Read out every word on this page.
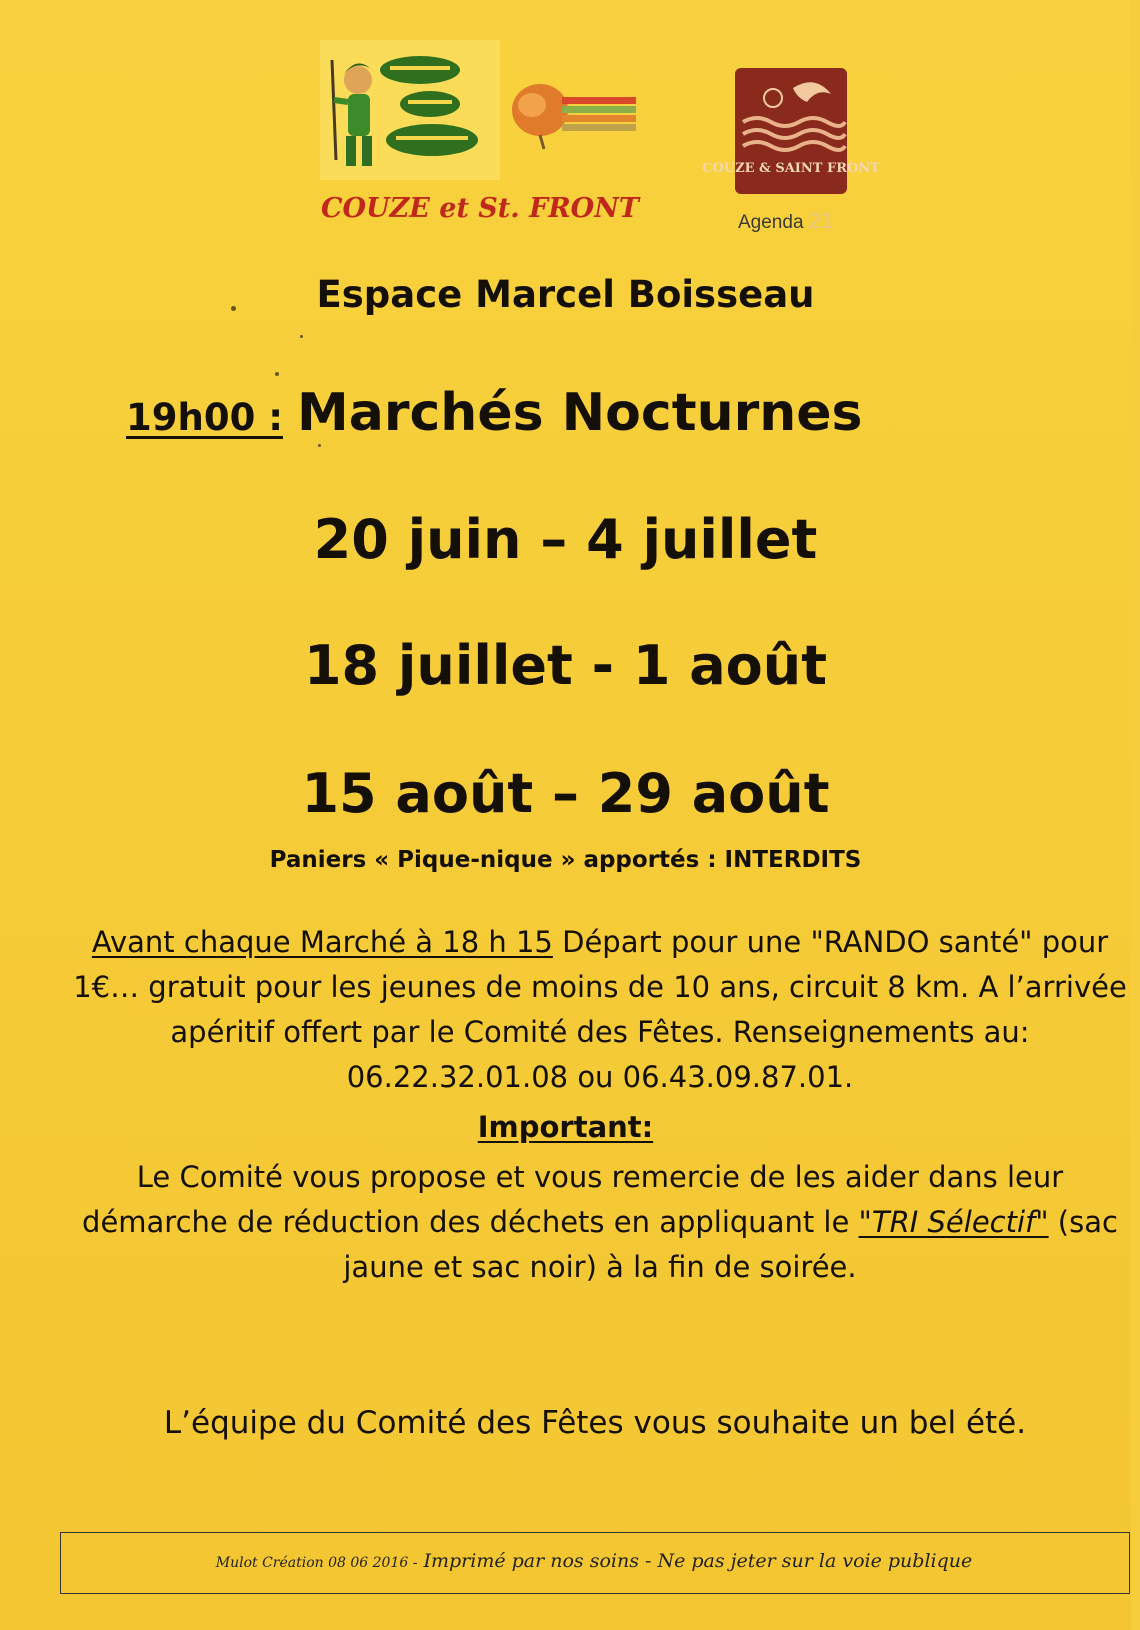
COUZE et St. FRONT
COUZE & SAINT FRONT
Agenda 21
Espace Marcel Boisseau
19h00 : Marchés Nocturnes
20 juin – 4 juillet
18 juillet - 1 août
15 août – 29 août
Paniers « Pique-nique » apportés : INTERDITS
Avant chaque Marché à 18 h 15 Départ pour une "RANDO santé" pour 1€… gratuit pour les jeunes de moins de 10 ans, circuit 8 km. A l’arrivée apéritif offert par le Comité des Fêtes. Renseignements au: 06.22.32.01.08 ou 06.43.09.87.01.
Important:
Le Comité vous propose et vous remercie de les aider dans leur démarche de réduction des déchets en appliquant le "TRI Sélectif" (sac jaune et sac noir) à la fin de soirée.
L’équipe du Comité des Fêtes vous souhaite un bel été.
Mulot Création 08 06 2016 - Imprimé par nos soins - Ne pas jeter sur la voie publique
